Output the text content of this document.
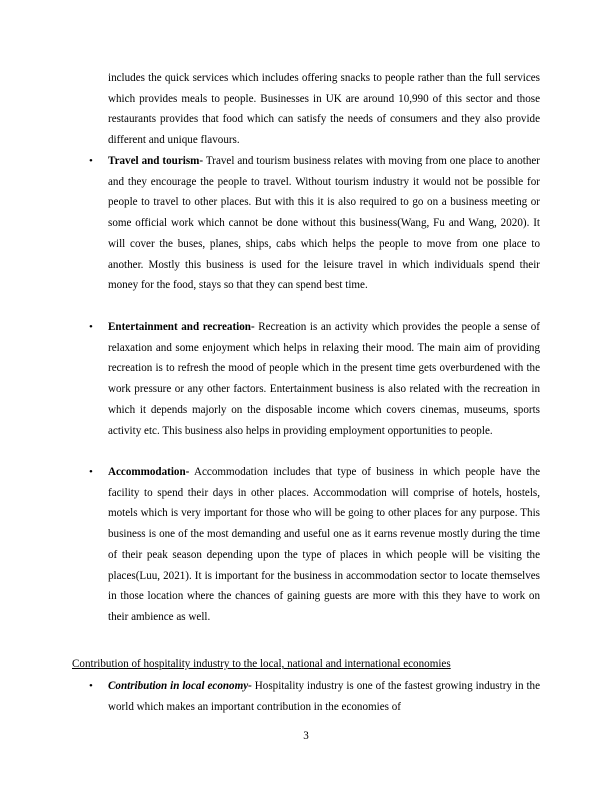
includes the quick services which includes offering snacks to people rather than the full services which provides meals to people. Businesses in UK are around 10,990 of this sector and those restaurants provides that food which can satisfy the needs of consumers and they also provide different and unique flavours.
• Travel and tourism- Travel and tourism business relates with moving from one place to another and they encourage the people to travel. Without tourism industry it would not be possible for people to travel to other places. But with this it is also required to go on a business meeting or some official work which cannot be done without this business(Wang, Fu and Wang, 2020). It will cover the buses, planes, ships, cabs which helps the people to move from one place to another. Mostly this business is used for the leisure travel in which individuals spend their money for the food, stays so that they can spend best time.
• Entertainment and recreation- Recreation is an activity which provides the people a sense of relaxation and some enjoyment which helps in relaxing their mood. The main aim of providing recreation is to refresh the mood of people which in the present time gets overburdened with the work pressure or any other factors. Entertainment business is also related with the recreation in which it depends majorly on the disposable income which covers cinemas, museums, sports activity etc. This business also helps in providing employment opportunities to people.
• Accommodation- Accommodation includes that type of business in which people have the facility to spend their days in other places. Accommodation will comprise of hotels, hostels, motels which is very important for those who will be going to other places for any purpose. This business is one of the most demanding and useful one as it earns revenue mostly during the time of their peak season depending upon the type of places in which people will be visiting the places(Luu, 2021). It is important for the business in accommodation sector to locate themselves in those location where the chances of gaining guests are more with this they have to work on their ambience as well.
Contribution of hospitality industry to the local, national and international economies
• Contribution in local economy- Hospitality industry is one of the fastest growing industry in the world which makes an important contribution in the economies of
3
